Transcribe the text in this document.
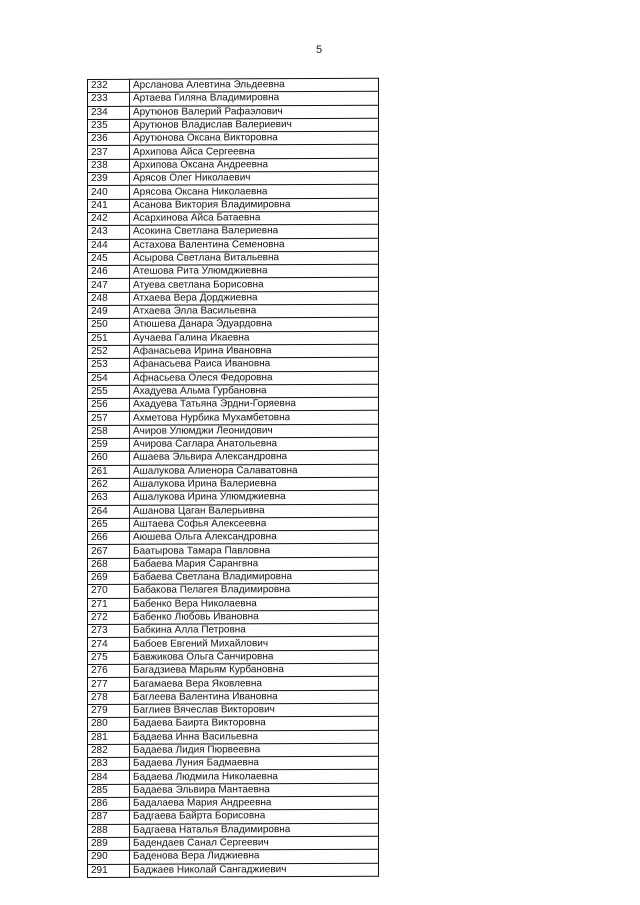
5
232	Арсланова Алевтина Эльдеевна
233	Артаева Гиляна Владимировна
234	Арутюнов Валерий Рафаэлович
235	Арутюнов Владислав Валериевич
236	Арутюнова Оксана Викторовна
237	Архипова Айса Сергеевна
238	Архипова Оксана Андреевна
239	Арясов Олег Николаевич
240	Арясова Оксана Николаевна
241	Асанова Виктория Владимировна
242	Асархинова Айса Батаевна
243	Асокина Светлана Валериевна
244	Астахова Валентина Семеновна
245	Асырова Светлана Витальевна
246	Атешова Рита Улюмджиевна
247	Атуева светлана Борисовна
248	Атхаева Вера Дорджиевна
249	Атхаева Элла Васильевна
250	Атюшева Данара Эдуардовна
251	Аучаева Галина Икаевна
252	Афанасьева Ирина Ивановна
253	Афанасьева Раиса Ивановна
254	Афнасьева Олеся Федоровна
255	Ахадуева Альма Гурбановна
256	Ахадуева Татьяна Эрдни-Горяевна
257	Ахметова Нурбика Мухамбетовна
258	Ачиров Улюмджи Леонидович
259	Ачирова Саглара Анатольевна
260	Ашаева Эльвира Александровна
261	Ашалукова Алиенора Салаватовна
262	Ашалукова Ирина Валериевна
263	Ашалукова Ирина Улюмджиевна
264	Ашанова Цаган Валерьивна
265	Аштаева Софья Алексеевна
266	Аюшева Ольга Александровна
267	Баатырова Тамара Павловна
268	Бабаева Мария Сарангвна
269	Бабаева Светлана Владимировна
270	Бабакова Пелагея Владимировна
271	Бабенко Вера Николаевна
272	Бабенко Любовь Ивановна
273	Бабкина Алла Петровна
274	Бабоев Евгений Михайлович
275	Бавжикова Ольга Санчировна
276	Багадзиева Марьям Курбановна
277	Багамаева Вера Яковлевна
278	Баглеева Валентина Ивановна
279	Баглиев Вячеслав Викторович
280	Бадаева Баирта Викторовна
281	Бадаева Инна Васильевна
282	Бадаева Лидия Пюрвеевна
283	Бадаева Луния Бадмаевна
284	Бадаева Людмила Николаевна
285	Бадаева Эльвира Мантаевна
286	Бадалаева Мария Андреевна
287	Бадгаева Байрта Борисовна
288	Бадгаева Наталья Владимировна
289	Бадендаев Санал Сергеевич
290	Баденова Вера Лиджиевна
291	Баджаев Николай Сангаджиевич
